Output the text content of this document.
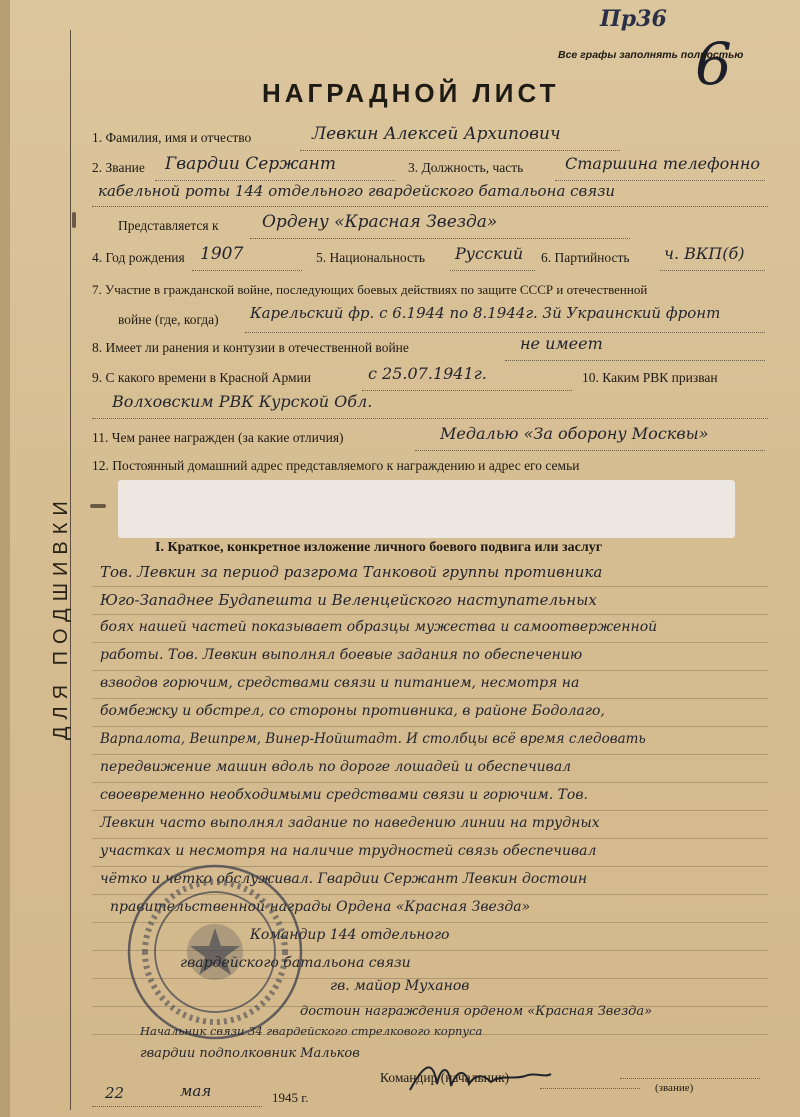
ДЛЯ ПОДШИВКИ
Пр36
6
Все графы заполнять полностью
НАГРАДНОЙ ЛИСТ
1. Фамилия, имя и отчество	Левкин Алексей Архипович
2. Звание Гвардии Сержант	3. Должность, часть	Старшина телефонно
кабельной роты 144 отдельного гвардейского батальона связи
Представляется к	Ордену «Красная Звезда»
4. Год рождения 1907	5. Национальность Русский 6. Партийность ч. ВКП(б)
7. Участие в гражданской войне, последующих боевых действиях по защите СССР и отечественной
войне (где, когда) Карельский фр. с 6.1944 по 8.1944г. 3й Украинский фронт
8. Имеет ли ранения и контузии в отечественной войне	не имеет
9. С какого времени в Красной Армии	с 25.07.1941г.	10. Каким РВК призван
Волховским РВК Курской Обл.
11. Чем ранее награжден (за какие отличия)	Медалью «За оборону Москвы»
12. Постоянный домашний адрес представляемого к награждению и адрес его семьи
I. Краткое, конкретное изложение личного боевого подвига или заслуг
Тов. Левкин за период разгрома Танковой группы противника
Юго-Западнее Будапешта и Веленцейского наступательных
боях нашей частей показывает образцы мужества и самоотверженной
работы. Тов. Левкин выполнял боевые задания по обеспечению
взводов горючим, средствами связи и питанием, несмотря на
бомбежку и обстрел, со стороны противника, в районе Бодолаго,
Варпалота, Вешпрем, Винер-Нойштадт. И столбцы всё время следовать
передвижение машин вдоль по дороге лошадей и обеспечивал
своевременно необходимыми средствами связи и горючим. Тов.
Левкин часто выполнял задание по наведению линии на трудных
участках и несмотря на наличие трудностей связь обеспечивал
чётко и четко обслуживал. Гвардии Сержант Левкин достоин
правительственной награды Ордена «Красная Звезда»
Командир 144 отдельного
гвардейского батальона связи
гв. майор Муханов
достоин награждения орденом «Красная Звезда»
Начальник связи 34 гвардейского стрелкового корпуса
гвардии подполковник Мальков
Командир (начальник)
(звание)
22	мая	1945 г.
